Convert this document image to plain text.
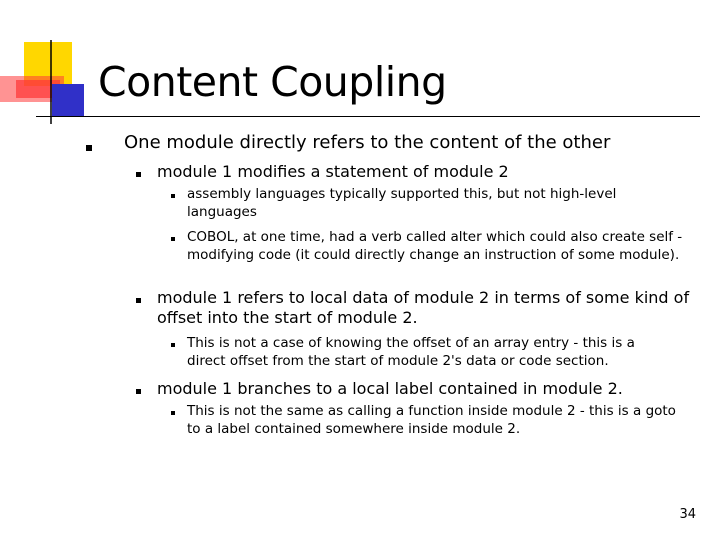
Content Coupling

One module directly refers to the content of the other

module 1 modifies a statement of module 2

assembly languages typically supported this, but not high-level languages

COBOL, at one time, had a verb called alter which could also create self -modifying code (it could directly change an instruction of some module).

module 1 refers to local data of module 2 in terms of some kind of offset into the start of module 2.

This is not a case of knowing the offset of an array entry - this is a direct offset from the start of module 2's data or code section.

module 1 branches to a local label contained in module 2.

This is not the same as calling a function inside module 2 - this is a goto to a label contained somewhere inside module 2.

34
